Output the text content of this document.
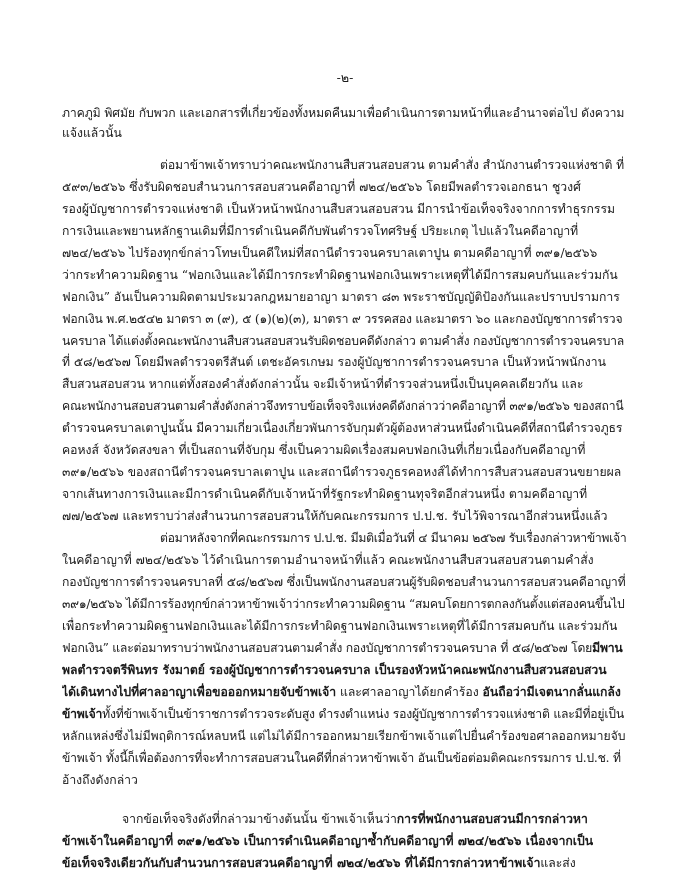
-๒-
ภาคภูมิ พิศมัย กับพวก และเอกสารที่เกี่ยวข้องทั้งหมดคืนมาเพื่อดำเนินการตามหน้าที่และอำนาจต่อไป ดังความ
แจ้งแล้วนั้น
ต่อมาข้าพเจ้าทราบว่าคณะพนักงานสืบสวนสอบสวน ตามคำสั่ง สำนักงานตำรวจแห่งชาติ ที่
๕๙๓/๒๕๖๖ ซึ่งรับผิดชอบสำนวนการสอบสวนคดีอาญาที่ ๗๒๔/๒๕๖๖ โดยมีพลตำรวจเอกธนา ชูวงศ์
รองผู้บัญชาการตำรวจแห่งชาติ เป็นหัวหน้าพนักงานสืบสวนสอบสวน มีการนำข้อเท็จจริงจากการทำธุรกรรม
การเงินและพยานหลักฐานเดิมที่มีการดำเนินคดีกับพันตำรวจโทศริษฐ์ ปริยะเกตุ ไปแล้วในคดีอาญาที่
๗๒๔/๒๕๖๖ ไปร้องทุกข์กล่าวโทษเป็นคดีใหม่ที่สถานีตำรวจนครบาลเตาปูน ตามคดีอาญาที่ ๓๙๑/๒๕๖๖
ว่ากระทำความผิดฐาน “ฟอกเงินและได้มีการกระทำผิดฐานฟอกเงินเพราะเหตุที่ได้มีการสมคบกันและร่วมกัน
ฟอกเงิน” อันเป็นความผิดตามประมวลกฎหมายอาญา มาตรา ๘๓ พระราชบัญญัติป้องกันและปราบปรามการ
ฟอกเงิน พ.ศ.๒๕๔๒ มาตรา ๓ (๙), ๕ (๑)(๒)(๓), มาตรา ๙ วรรคสอง และมาตรา ๖๐ และกองบัญชาการตำรวจ
นครบาล ได้แต่งตั้งคณะพนักงานสืบสวนสอบสวนรับผิดชอบคดีดังกล่าว ตามคำสั่ง กองบัญชาการตำรวจนครบาล
ที่ ๕๘/๒๕๖๗ โดยมีพลตำรวจตรีสันต์ เตชะอัครเกษม รองผู้บัญชาการตำรวจนครบาล เป็นหัวหน้าพนักงาน
สืบสวนสอบสวน หากแต่ทั้งสองคำสั่งดังกล่าวนั้น จะมีเจ้าหน้าที่ตำรวจส่วนหนึ่งเป็นบุคคลเดียวกัน และ
คณะพนักงานสอบสวนตามคำสั่งดังกล่าวจึงทราบข้อเท็จจริงแห่งคดีดังกล่าวว่าคดีอาญาที่ ๓๙๑/๒๕๖๖ ของสถานี
ตำรวจนครบาลเตาปูนนั้น มีความเกี่ยวเนื่องเกี่ยวพันการจับกุมตัวผู้ต้องหาส่วนหนึ่งดำเนินคดีที่สถานีตำรวจภูธร
คอหงส์ จังหวัดสงขลา ที่เป็นสถานที่จับกุม ซึ่งเป็นความผิดเรื่องสมคบฟอกเงินที่เกี่ยวเนื่องกับคดีอาญาที่
๓๙๑/๒๕๖๖ ของสถานีตำรวจนครบาลเตาปูน และสถานีตำรวจภูธรคอหงส์ได้ทำการสืบสวนสอบสวนขยายผล
จากเส้นทางการเงินและมีการดำเนินคดีกับเจ้าหน้าที่รัฐกระทำผิดฐานทุจริตอีกส่วนหนึ่ง ตามคดีอาญาที่
๗๗/๒๕๖๗ และทราบว่าส่งสำนวนการสอบสวนให้กับคณะกรรมการ ป.ป.ช. รับไว้พิจารณาอีกส่วนหนึ่งแล้ว
ต่อมาหลังจากที่คณะกรรมการ ป.ป.ช. มีมติเมื่อวันที่ ๔ มีนาคม ๒๕๖๗ รับเรื่องกล่าวหาข้าพเจ้า
ในคดีอาญาที่ ๗๒๔/๒๕๖๖ ไว้ดำเนินการตามอำนาจหน้าที่แล้ว คณะพนักงานสืบสวนสอบสวนตามคำสั่ง
กองบัญชาการตำรวจนครบาลที่ ๕๘/๒๕๖๗ ซึ่งเป็นพนักงานสอบสวนผู้รับผิดชอบสำนวนการสอบสวนคดีอาญาที่
๓๙๑/๒๕๖๖ ได้มีการร้องทุกข์กล่าวหาข้าพเจ้าว่ากระทำความผิดฐาน “สมคบโดยการตกลงกันตั้งแต่สองคนขึ้นไป
เพื่อกระทำความผิดฐานฟอกเงินและได้มีการกระทำผิดฐานฟอกเงินเพราะเหตุที่ได้มีการสมคบกัน และร่วมกัน
ฟอกเงิน” และต่อมาทราบว่าพนักงานสอบสวนตามคำสั่ง กองบัญชาการตำรวจนครบาล ที่ ๕๘/๒๕๖๗ โดยมีพาน
พลตำรวจตรีพินทร รังมาตย์ รองผู้บัญชาการตำรวจนครบาล เป็นรองหัวหน้าคณะพนักงานสืบสวนสอบสวน
ได้เดินทางไปที่ศาลอาญาเพื่อขอออกหมายจับข้าพเจ้า และศาลอาญาได้ยกคำร้อง อันถือว่ามีเจตนากลั่นแกล้ง
ข้าพเจ้าทั้งที่ข้าพเจ้าเป็นข้าราชการตำรวจระดับสูง ดำรงตำแหน่ง รองผู้บัญชาการตำรวจแห่งชาติ และมีที่อยู่เป็น
หลักแหล่งซึ่งไม่มีพฤติการณ์หลบหนี แต่ไม่ได้มีการออกหมายเรียกข้าพเจ้าแต่ไปยื่นคำร้องขอศาลออกหมายจับ
ข้าพเจ้า ทั้งนี้ก็เพื่อต้องการที่จะทำการสอบสวนในคดีที่กล่าวหาข้าพเจ้า อันเป็นข้อต่อมติคณะกรรมการ ป.ป.ช. ที่
อ้างถึงดังกล่าว
จากข้อเท็จจริงดังที่กล่าวมาข้างต้นนั้น ข้าพเจ้าเห็นว่าการที่พนักงานสอบสวนมีการกล่าวหา
ข้าพเจ้าในคดีอาญาที่ ๓๙๑/๒๕๖๖ เป็นการดำเนินคดีอาญาซ้ำกับคดีอาญาที่ ๗๒๔/๒๕๖๖ เนื่องจากเป็น
ข้อเท็จจริงเดียวกันกับสำนวนการสอบสวนคดีอาญาที่ ๗๒๔/๒๕๖๖ ที่ได้มีการกล่าวหาข้าพเจ้าและส่ง
